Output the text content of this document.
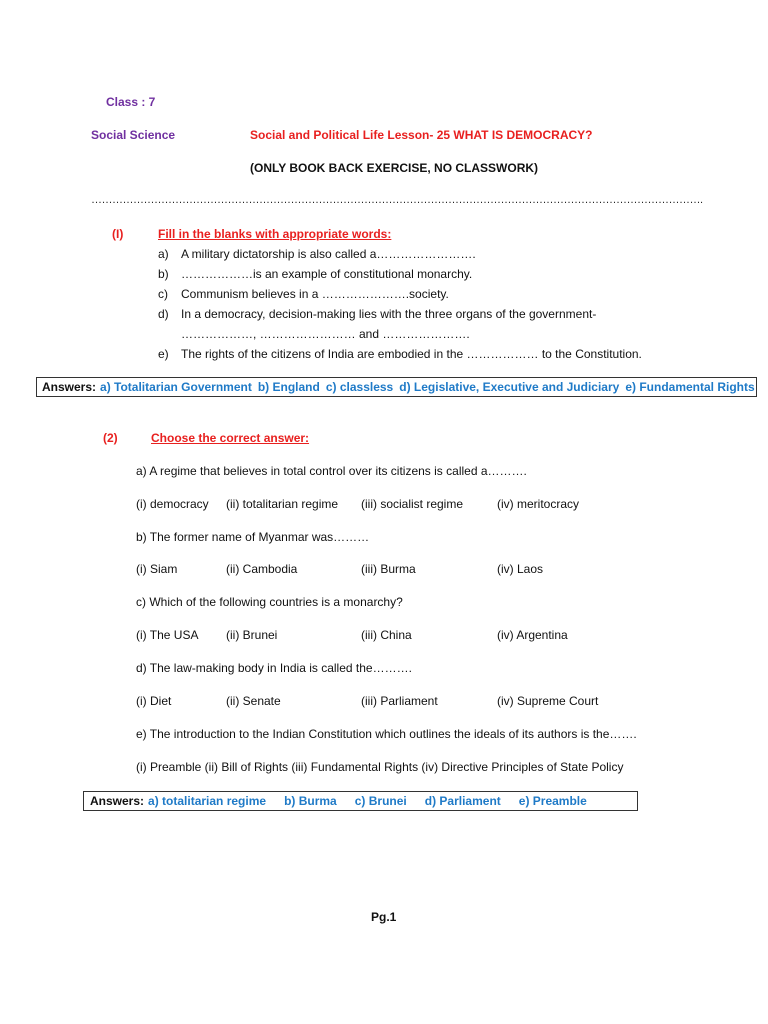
Class : 7
Social Science	Social and Political Life Lesson- 25 WHAT IS DEMOCRACY?
(ONLY BOOK BACK EXERCISE, NO CLASSWORK)
………………………………………………………………………………………………………………………………………………………….
(I)	Fill in the blanks with appropriate words:
a) A military dictatorship is also called a…………………….
b) ………………is an example of constitutional monarchy.
c) Communism believes in a ………………….society.
d) In a democracy, decision-making lies with the three organs of the government-
………………, …………………… and ………………….
e) The rights of the citizens of India are embodied in the ……………… to the Constitution.
Answers: a) Totalitarian Government b) England c) classless d) Legislative, Executive and Judiciary e) Fundamental Rights
(2)	Choose the correct answer:
a) A regime that believes in total control over its citizens is called a……….
(i) democracy (ii) totalitarian regime (iii) socialist regime	(iv) meritocracy
b) The former name of Myanmar was………
(i) Siam	(ii) Cambodia	(iii) Burma	(iv) Laos
c) Which of the following countries is a monarchy?
(i) The USA (ii) Brunei	(iii) China	(iv) Argentina
d) The law-making body in India is called the……….
(i) Diet	(ii) Senate	(iii) Parliament	(iv) Supreme Court
e) The introduction to the Indian Constitution which outlines the ideals of its authors is the…….
(i) Preamble (ii) Bill of Rights (iii) Fundamental Rights (iv) Directive Principles of State Policy
Answers: a) totalitarian regime b) Burma c) Brunei d) Parliament e) Preamble
Pg.1
